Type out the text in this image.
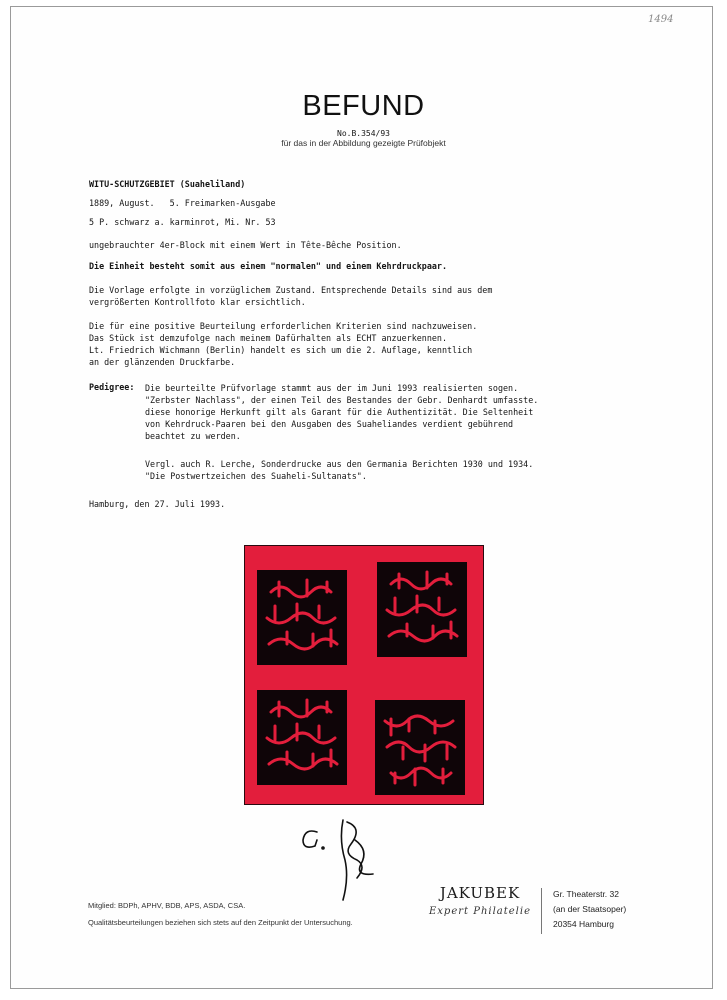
1494
BEFUND
No.B.354/93
für das in der Abbildung gezeigte Prüfobjekt
WITU-SCHUTZGEBIET (Suaheliland)
1889, August.   5. Freimarken-Ausgabe
5 P. schwarz a. karminrot, Mi. Nr. 53
ungebrauchter 4er-Block mit einem Wert in Tête-Bêche Position.
Die Einheit besteht somit aus einem "normalen" und einem Kehrdruckpaar.
Die Vorlage erfolgte in vorzüglichem Zustand. Entsprechende Details sind aus dem
vergrößerten Kontrollfoto klar ersichtlich.
Die für eine positive Beurteilung erforderlichen Kriterien sind nachzuweisen.
Das Stück ist demzufolge nach meinem Dafürhalten als ECHT anzuerkennen.
Lt. Friedrich Wichmann (Berlin) handelt es sich um die 2. Auflage, kenntlich
an der glänzenden Druckfarbe.
Pedigree: Die beurteilte Prüfvorlage stammt aus der im Juni 1993 realisierten sogen.
"Zerbster Nachlass", der einen Teil des Bestandes der Gebr. Denhardt umfasste.
diese honorige Herkunft gilt als Garant für die Authentizität. Die Seltenheit
von Kehrdruck-Paaren bei den Ausgaben des Suaheliandes verdient gebührend
beachtet zu werden.
Vergl. auch R. Lerche, Sonderdrucke aus den Germania Berichten 1930 und 1934.
"Die Postwertzeichen des Suaheli-Sultanats".
Hamburg, den 27. Juli 1993.
Mitglied: BDPh, APHV, BDB, APS, ASDA, CSA.
Qualitätsbeurteilungen beziehen sich stets auf den Zeitpunkt der Untersuchung.
JAKUBEK
Expert Philatelie
Gr. Theaterstr. 32
(an der Staatsoper)
20354 Hamburg
